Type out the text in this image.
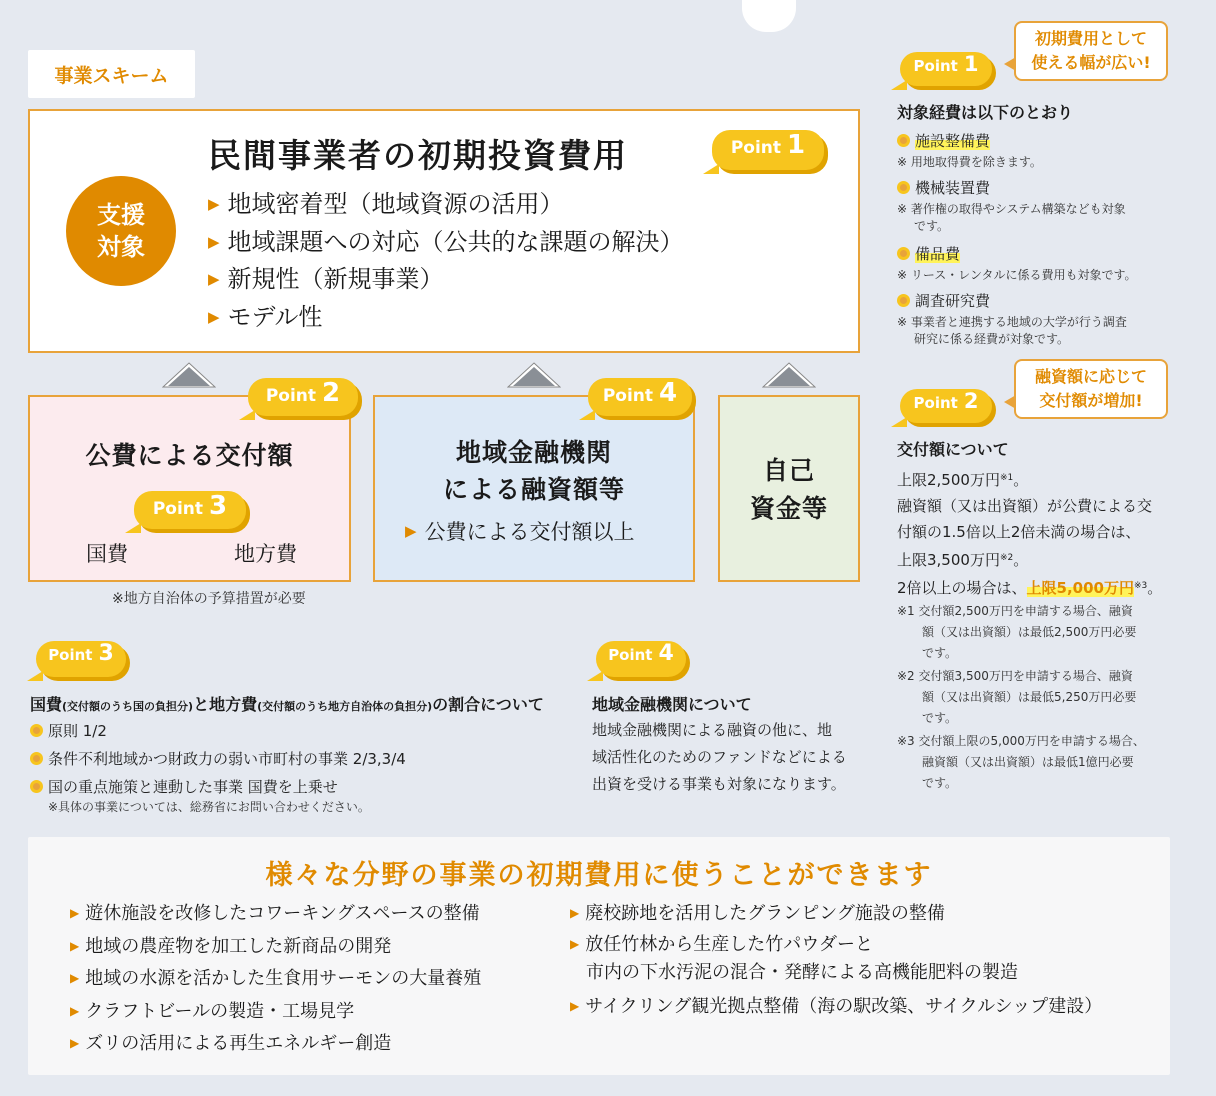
事業スキーム
支援
対象
民間事業者の初期投資費用	Point 1
▶ 地域密着型（地域資源の活用）
▶ 地域課題への対応（公共的な課題の解決）
▶ 新規性（新規事業）
▶ モデル性
Point 2
公費による交付額
Point 3
国費	地方費
※地方自治体の予算措置が必要
Point 4
地域金融機関
による融資額等
▶ 公費による交付額以上
自己
資金等
Point 3
国費(交付額のうち国の負担分)と地方費(交付額のうち地方自治体の負担分)の割合について
原則 1/2
条件不利地域かつ財政力の弱い市町村の事業 2/3,3/4
国の重点施策と連動した事業 国費を上乗せ
※具体の事業については、総務省にお問い合わせください。
Point 4
地域金融機関について
地域金融機関による融資の他に、地
域活性化のためのファンドなどによる
出資を受ける事業も対象になります。
Point 1
初期費用として
使える幅が広い!
対象経費は以下のとおり
施設整備費
※ 用地取得費を除きます。
機械装置費
※ 著作権の取得やシステム構築なども対象
です。
備品費
※ リース・レンタルに係る費用も対象です。
調査研究費
※ 事業者と連携する地域の大学が行う調査
研究に係る経費が対象です。
Point 2
融資額に応じて
交付額が増加!
交付額について
上限2,500万円$^{※1}$。
融資額（又は出資額）が公費による交
付額の1.5倍以上2倍未満の場合は、
上限3,500万円$^{※2}$。
2倍以上の場合は、上限5,000万円$^{※3}$。
※1 交付額2,500万円を申請する場合、融資
額（又は出資額）は最低2,500万円必要
です。
※2 交付額3,500万円を申請する場合、融資
額（又は出資額）は最低5,250万円必要
です。
※3 交付額上限の5,000万円を申請する場合、
融資額（又は出資額）は最低1億円必要
です。
様々な分野の事業の初期費用に使うことができます
▶ 遊休施設を改修したコワーキングスペースの整備
▶ 地域の農産物を加工した新商品の開発
▶ 地域の水源を活かした生食用サーモンの大量養殖
▶ クラフトビールの製造・工場見学
▶ ズリの活用による再生エネルギー創造
▶ 廃校跡地を活用したグランピング施設の整備
▶ 放任竹林から生産した竹パウダーと
市内の下水汚泥の混合・発酵による高機能肥料の製造
▶ サイクリング観光拠点整備（海の駅改築、サイクルシップ建設）
